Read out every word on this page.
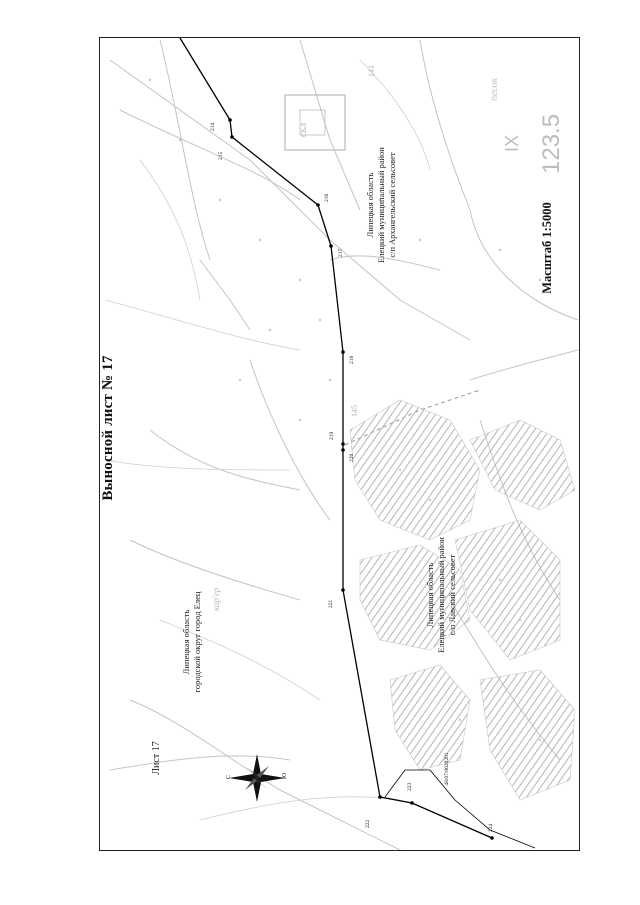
Выносной лист № 17
Липецкая область городской округ город Елец
Липецкая область Елецкий муниципальный район с/п Архангельский сельсовет
Липецкая область Елецкий муниципальный район с/п Лавский сельсовет
Лист 17
Масштаб 1:5000
48:07:0020201
С	Ю
IX 123.5
кар'ер
песок
СКЛ
141
145
214
215
216
217
218
219
220
221
222
223
224
